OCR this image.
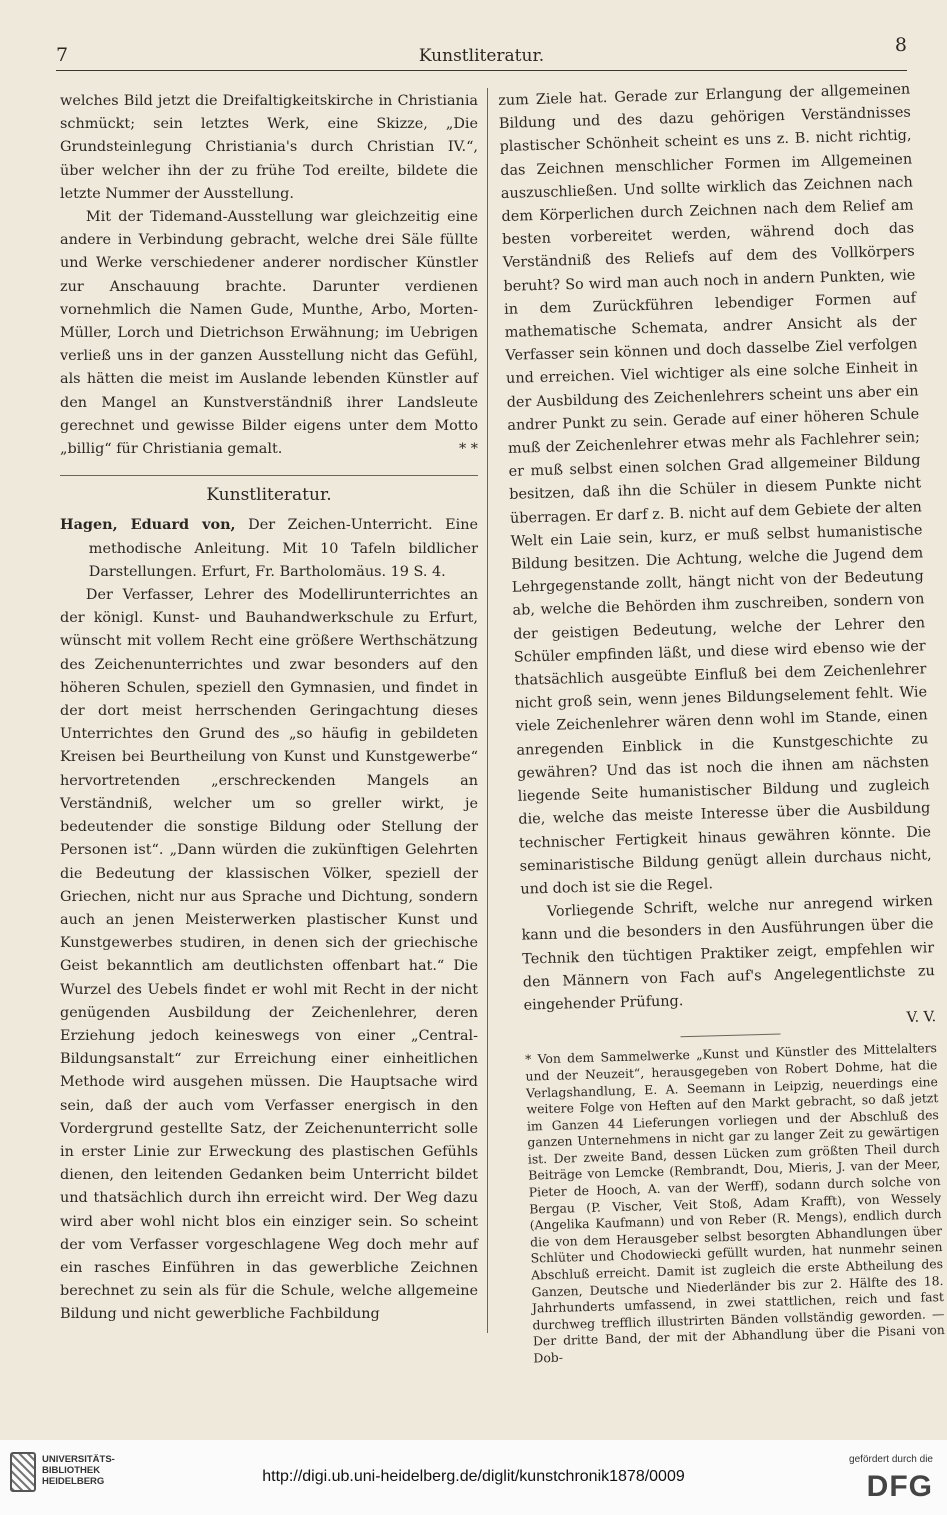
7	Kunstliteratur.	8

welches Bild jetzt die Dreifaltigkeitskirche in Christiania schmückt; sein letztes Werk, eine Skizze, „Die Grundsteinlegung Christiania's durch Christian IV.“, über welcher ihn der zu frühe Tod ereilte, bildete die letzte Nummer der Ausstellung.

Mit der Tidemand-Ausstellung war gleichzeitig eine andere in Verbindung gebracht, welche drei Säle füllte und Werke verschiedener anderer nordischer Künstler zur Anschauung brachte. Darunter verdienen vornehmlich die Namen Gude, Munthe, Arbo, Morten-Müller, Lorch und Dietrichson Erwähnung; im Uebrigen verließ uns in der ganzen Ausstellung nicht das Gefühl, als hätten die meist im Auslande lebenden Künstler auf den Mangel an Kunstverständniß ihrer Landsleute gerechnet und gewisse Bilder eigens unter dem Motto „billig“ für Christiania gemalt.	* *

Kunstliteratur.

Hagen, Eduard von, Der Zeichen-Unterricht. Eine methodische Anleitung. Mit 10 Tafeln bildlicher Darstellungen. Erfurt, Fr. Bartholomäus. 19 S. 4.

Der Verfasser, Lehrer des Modellirunterrichtes an der königl. Kunst- und Bauhandwerkschule zu Erfurt, wünscht mit vollem Recht eine größere Werthschätzung des Zeichenunterrichtes und zwar besonders auf den höheren Schulen, speziell den Gymnasien, und findet in der dort meist herrschenden Geringachtung dieses Unterrichtes den Grund des „so häufig in gebildeten Kreisen bei Beurtheilung von Kunst und Kunstgewerbe“ hervortretenden „erschreckenden Mangels an Verständniß, welcher um so greller wirkt, je bedeutender die sonstige Bildung oder Stellung der Personen ist“. „Dann würden die zukünftigen Gelehrten die Bedeutung der klassischen Völker, speziell der Griechen, nicht nur aus Sprache und Dichtung, sondern auch an jenen Meisterwerken plastischer Kunst und Kunstgewerbes studiren, in denen sich der griechische Geist bekanntlich am deutlichsten offenbart hat.“ Die Wurzel des Uebels findet er wohl mit Recht in der nicht genügenden Ausbildung der Zeichenlehrer, deren Erziehung jedoch keineswegs von einer „Central-Bildungsanstalt“ zur Erreichung einer einheitlichen Methode wird ausgehen müssen. Die Hauptsache wird sein, daß der auch vom Verfasser energisch in den Vordergrund gestellte Satz, der Zeichenunterricht solle in erster Linie zur Erweckung des plastischen Gefühls dienen, den leitenden Gedanken beim Unterricht bildet und thatsächlich durch ihn erreicht wird. Der Weg dazu wird aber wohl nicht blos ein einziger sein. So scheint der vom Verfasser vorgeschlagene Weg doch mehr auf ein rasches Einführen in das gewerbliche Zeichnen berechnet zu sein als für die Schule, welche allgemeine Bildung und nicht gewerbliche Fachbildung

zum Ziele hat. Gerade zur Erlangung der allgemeinen Bildung und des dazu gehörigen Verständnisses plastischer Schönheit scheint es uns z. B. nicht richtig, das Zeichnen menschlicher Formen im Allgemeinen auszuschließen. Und sollte wirklich das Zeichnen nach dem Körperlichen durch Zeichnen nach dem Relief am besten vorbereitet werden, während doch das Verständniß des Reliefs auf dem des Vollkörpers beruht? So wird man auch noch in andern Punkten, wie in dem Zurückführen lebendiger Formen auf mathematische Schemata, andrer Ansicht als der Verfasser sein können und doch dasselbe Ziel verfolgen und erreichen. Viel wichtiger als eine solche Einheit in der Ausbildung des Zeichenlehrers scheint uns aber ein andrer Punkt zu sein. Gerade auf einer höheren Schule muß der Zeichenlehrer etwas mehr als Fachlehrer sein; er muß selbst einen solchen Grad allgemeiner Bildung besitzen, daß ihn die Schüler in diesem Punkte nicht überragen. Er darf z. B. nicht auf dem Gebiete der alten Welt ein Laie sein, kurz, er muß selbst humanistische Bildung besitzen. Die Achtung, welche die Jugend dem Lehrgegenstande zollt, hängt nicht von der Bedeutung ab, welche die Behörden ihm zuschreiben, sondern von der geistigen Bedeutung, welche der Lehrer den Schüler empfinden läßt, und diese wird ebenso wie der thatsächlich ausgeübte Einfluß bei dem Zeichenlehrer nicht groß sein, wenn jenes Bildungselement fehlt. Wie viele Zeichenlehrer wären denn wohl im Stande, einen anregenden Einblick in die Kunstgeschichte zu gewähren? Und das ist noch die ihnen am nächsten liegende Seite humanistischer Bildung und zugleich die, welche das meiste Interesse über die Ausbildung technischer Fertigkeit hinaus gewähren könnte. Die seminaristische Bildung genügt allein durchaus nicht, und doch ist sie die Regel.

Vorliegende Schrift, welche nur anregend wirken kann und die besonders in den Ausführungen über die Technik den tüchtigen Praktiker zeigt, empfehlen wir den Männern von Fach auf's Angelegentlichste zu eingehender Prüfung.

V. V.

* Von dem Sammelwerke „Kunst und Künstler des Mittelalters und der Neuzeit“, herausgegeben von Robert Dohme, hat die Verlagshandlung, E. A. Seemann in Leipzig, neuerdings eine weitere Folge von Heften auf den Markt gebracht, so daß jetzt im Ganzen 44 Lieferungen vorliegen und der Abschluß des ganzen Unternehmens in nicht gar zu langer Zeit zu gewärtigen ist. Der zweite Band, dessen Lücken zum größten Theil durch Beiträge von Lemcke (Rembrandt, Dou, Mieris, J. van der Meer, Pieter de Hooch, A. van der Werff), sodann durch solche von Bergau (P. Vischer, Veit Stoß, Adam Krafft), von Wessely (Angelika Kaufmann) und von Reber (R. Mengs), endlich durch die von dem Herausgeber selbst besorgten Abhandlungen über Schlüter und Chodowiecki gefüllt wurden, hat nunmehr seinen Abschluß erreicht. Damit ist zugleich die erste Abtheilung des Ganzen, Deutsche und Niederländer bis zur 2. Hälfte des 18. Jahrhunderts umfassend, in zwei stattlichen, reich und fast durchweg trefflich illustrirten Bänden vollständig geworden. — Der dritte Band, der mit der Abhandlung über die Pisani von Dob-

UNIVERSITÄTS-
BIBLIOTHEK
HEIDELBERG	http://digi.ub.uni-heidelberg.de/diglit/kunstchronik1878/0009
gefördert durch die
DFG
